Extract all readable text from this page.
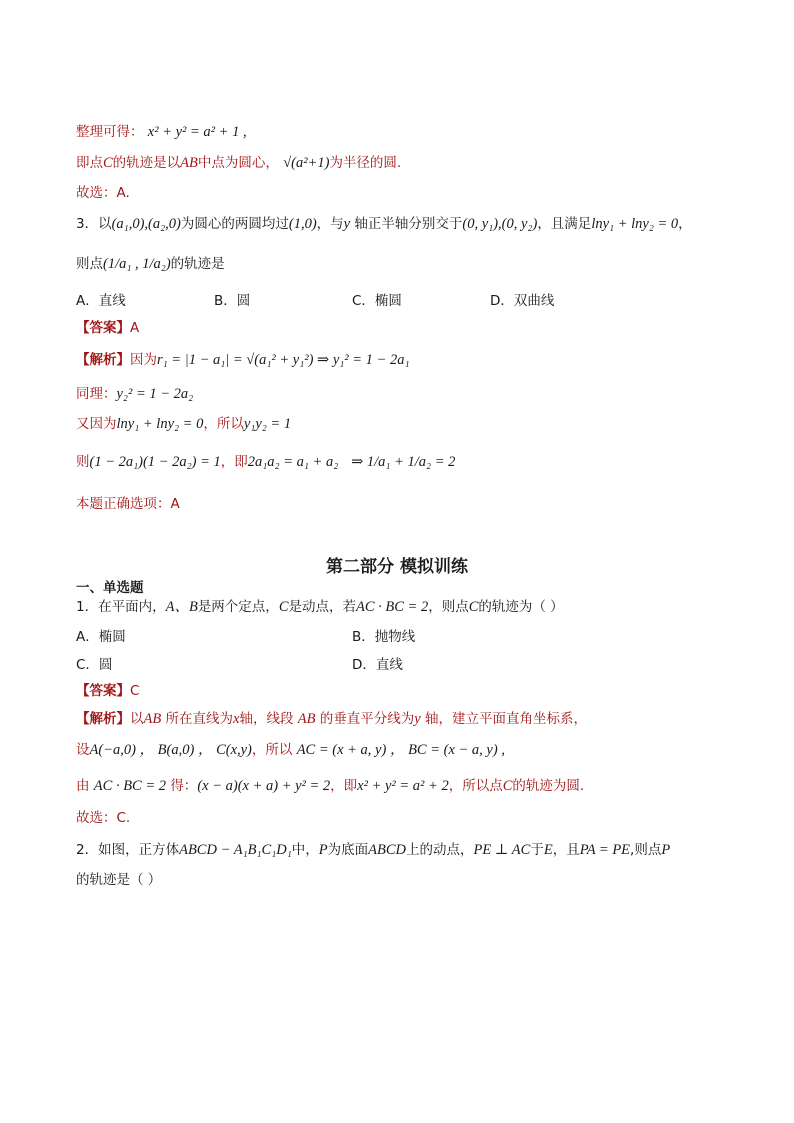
整理可得： x² + y² = a² + 1 ,
即点C的轨迹是以AB中点为圆心， √(a²+1)为半径的圆.
故选：A.
3．以(a₁,0),(a₂,0)为圆心的两圆均过(1,0)，与y 轴正半轴分别交于(0, y₁),(0, y₂)，且满足lny₁ + lny₂ = 0，
则点(1/a₁ , 1/a₂)的轨迹是
A．直线	B．圆	C．椭圆	D．双曲线
【答案】A
【解析】因为r₁ = |1 − a₁| = √(a₁² + y₁²) ⇒ y₁² = 1 − 2a₁
同理：y₂² = 1 − 2a₂
又因为lny₁ + lny₂ = 0，所以y₁y₂ = 1
则(1 − 2a₁)(1 − 2a₂) = 1，即2a₁a₂ = a₁ + a₂ ⇒ 1/a₁ + 1/a₂ = 2
本题正确选项：A
第二部分 模拟训练
一、单选题
1．在平面内，A、B是两个定点，C是动点，若AC · BC = 2，则点C的轨迹为（ ）
A．椭圆	B．抛物线
C．圆	D．直线
【答案】C
【解析】以AB 所在直线为x轴，线段 AB 的垂直平分线为y 轴，建立平面直角坐标系，
设A(−a,0) ， B(a,0) ， C(x,y)，所以 AC = (x + a, y) ， BC = (x − a, y) ,
由 AC · BC = 2 得：(x − a)(x + a) + y² = 2，即x² + y² = a² + 2，所以点C的轨迹为圆.
故选：C.
2．如图，正方体ABCD − A₁B₁C₁D₁中，P为底面ABCD上的动点，PE ⊥ AC于E，且PA = PE,则点P
的轨迹是（ ）
